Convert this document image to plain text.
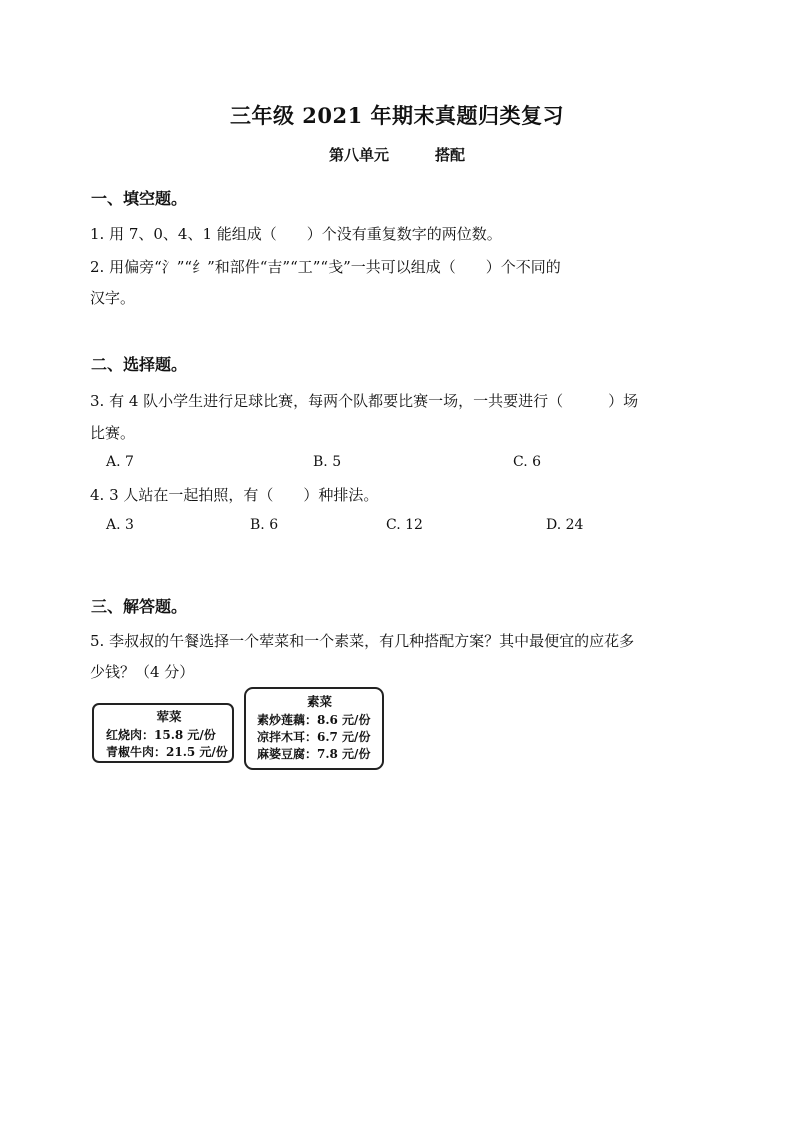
三年级 2021 年期末真题归类复习
第八单元	搭配
一、填空题。
1. 用 7、0、4、1 能组成（　　）个没有重复数字的两位数。
2. 用偏旁“氵”“纟”和部件“吉”“工”“戋”一共可以组成（　　）个不同的
汉字。
二、选择题。
3. 有 4 队小学生进行足球比赛，每两个队都要比赛一场，一共要进行（　　　）场
比赛。
A. 7	B. 5	C. 6
4. 3 人站在一起拍照，有（　　）种排法。
A. 3	B. 6	C. 12	D. 24
三、解答题。
5. 李叔叔的午餐选择一个荤菜和一个素菜，有几种搭配方案？其中最便宜的应花多
少钱？（4 分）
荤菜
红烧肉：15.8 元/份
青椒牛肉：21.5 元/份
素菜
素炒莲藕：8.6 元/份
凉拌木耳：6.7 元/份
麻婆豆腐：7.8 元/份
